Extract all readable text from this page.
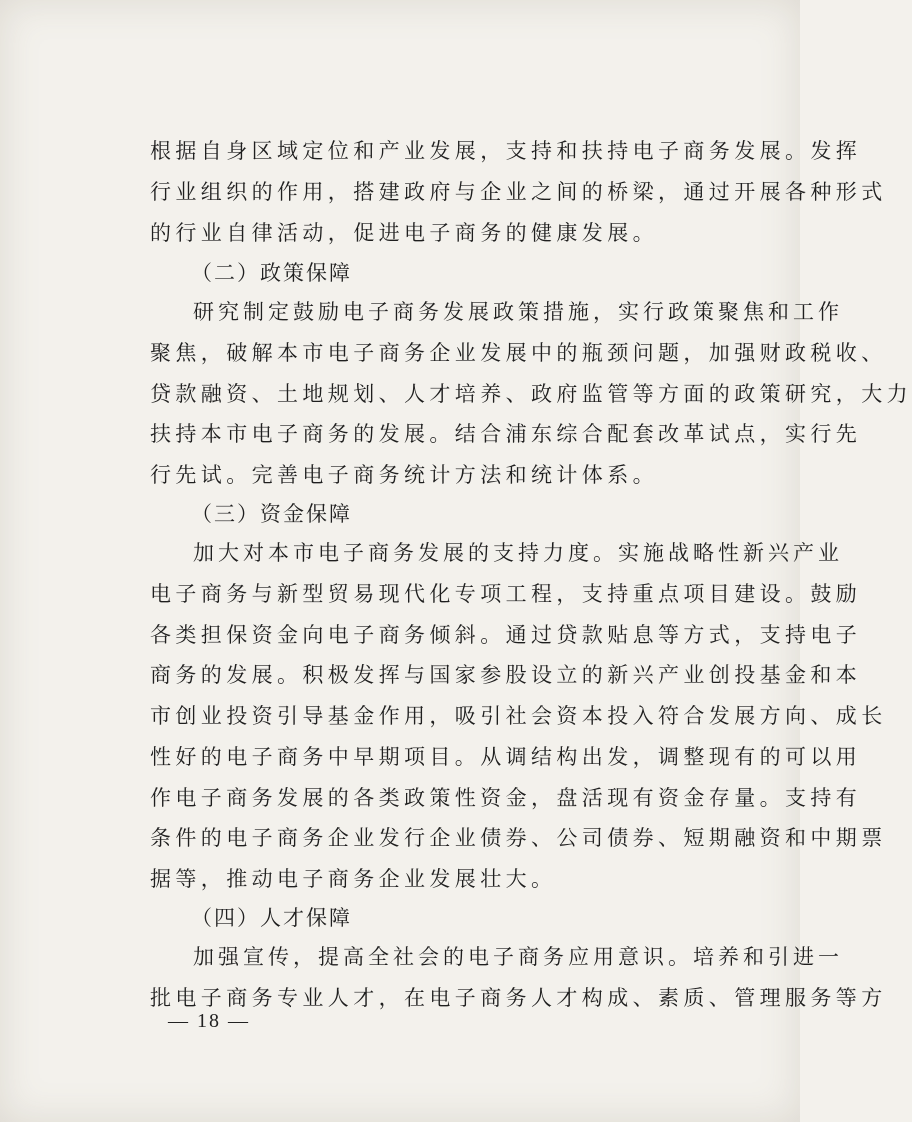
根据自身区域定位和产业发展，支持和扶持电子商务发展。发挥
行业组织的作用，搭建政府与企业之间的桥梁，通过开展各种形式
的行业自律活动，促进电子商务的健康发展。
（二）政策保障
研究制定鼓励电子商务发展政策措施，实行政策聚焦和工作
聚焦，破解本市电子商务企业发展中的瓶颈问题，加强财政税收、
贷款融资、土地规划、人才培养、政府监管等方面的政策研究，大力
扶持本市电子商务的发展。结合浦东综合配套改革试点，实行先
行先试。完善电子商务统计方法和统计体系。
（三）资金保障
加大对本市电子商务发展的支持力度。实施战略性新兴产业
电子商务与新型贸易现代化专项工程，支持重点项目建设。鼓励
各类担保资金向电子商务倾斜。通过贷款贴息等方式，支持电子
商务的发展。积极发挥与国家参股设立的新兴产业创投基金和本
市创业投资引导基金作用，吸引社会资本投入符合发展方向、成长
性好的电子商务中早期项目。从调结构出发，调整现有的可以用
作电子商务发展的各类政策性资金，盘活现有资金存量。支持有
条件的电子商务企业发行企业债券、公司债券、短期融资和中期票
据等，推动电子商务企业发展壮大。
（四）人才保障
加强宣传，提高全社会的电子商务应用意识。培养和引进一
批电子商务专业人才，在电子商务人才构成、素质、管理服务等方
— 18 —
